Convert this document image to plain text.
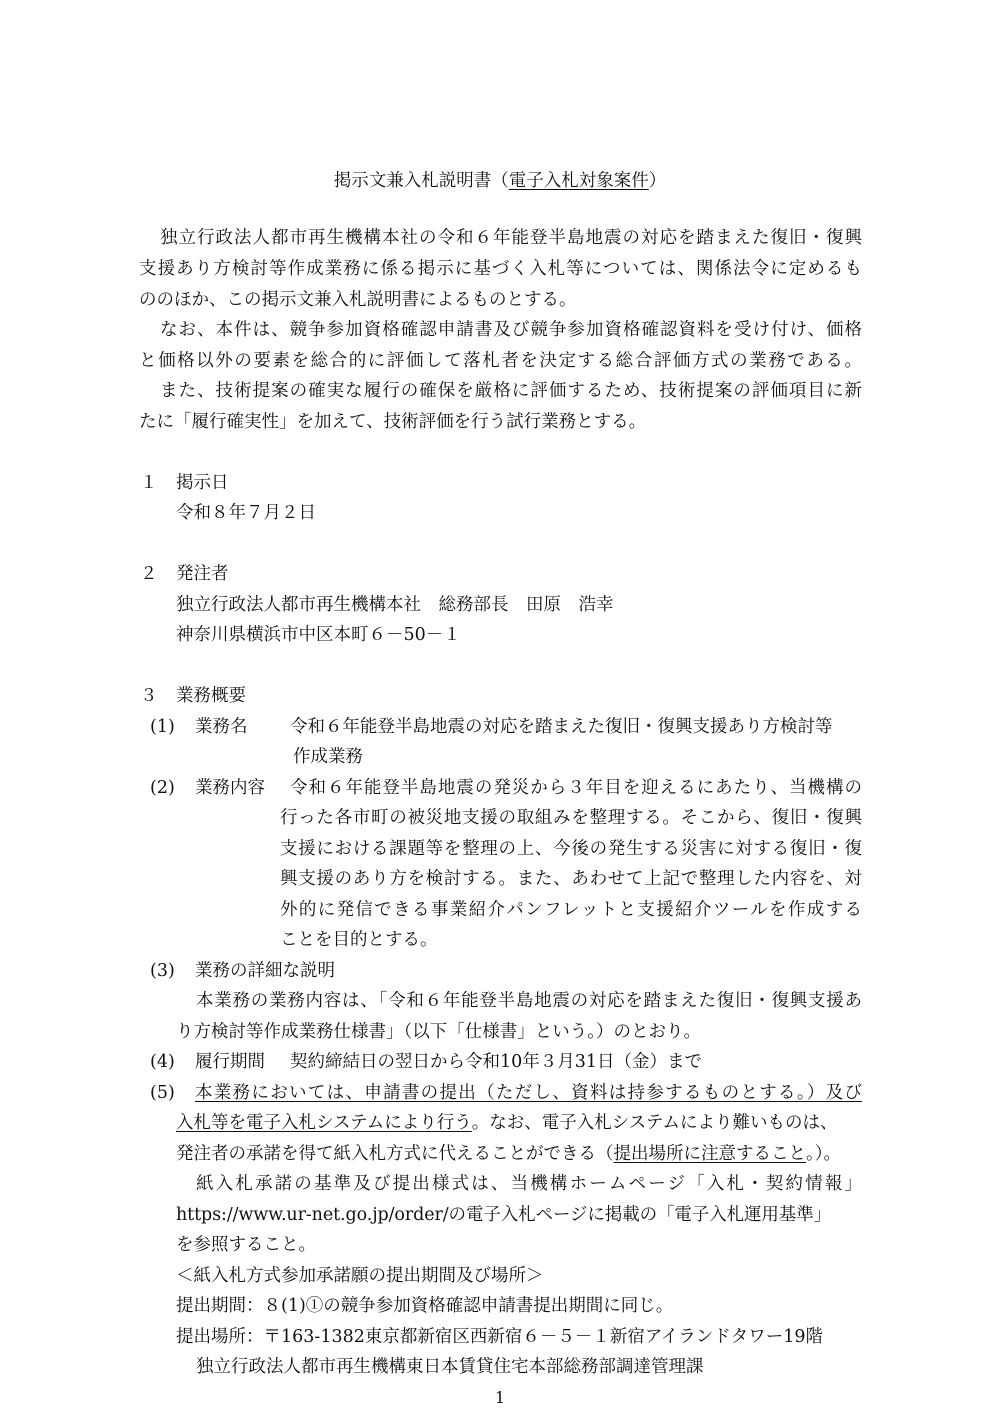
掲示文兼入札説明書（電子入札対象案件）
独立行政法人都市再生機構本社の令和６年能登半島地震の対応を踏まえた復旧・復興
支援あり方検討等作成業務に係る掲示に基づく入札等については、関係法令に定めるも
ののほか、この掲示文兼入札説明書によるものとする。
なお、本件は、競争参加資格確認申請書及び競争参加資格確認資料を受け付け、価格
と価格以外の要素を総合的に評価して落札者を決定する総合評価方式の業務である。
また、技術提案の確実な履行の確保を厳格に評価するため、技術提案の評価項目に新
たに「履行確実性」を加えて、技術評価を行う試行業務とする。
１ 掲示日
令和８年７月２日
２ 発注者
独立行政法人都市再生機構本社　総務部長　田原　浩幸
神奈川県横浜市中区本町６－50－１
３ 業務概要
(1) 業務名 令和６年能登半島地震の対応を踏まえた復旧・復興支援あり方検討等
作成業務
(2) 業務内容 令和６年能登半島地震の発災から３年目を迎えるにあたり、当機構の
行った各市町の被災地支援の取組みを整理する。そこから、復旧・復興
支援における課題等を整理の上、今後の発生する災害に対する復旧・復
興支援のあり方を検討する。また、あわせて上記で整理した内容を、対
外的に発信できる事業紹介パンフレットと支援紹介ツールを作成する
ことを目的とする。
(3) 業務の詳細な説明
本業務の業務内容は、「令和６年能登半島地震の対応を踏まえた復旧・復興支援あ
り方検討等作成業務仕様書」（以下「仕様書」という。）のとおり。
(4) 履行期間 契約締結日の翌日から令和10年３月31日（金）まで
(5) 本業務においては、申請書の提出（ただし、資料は持参するものとする。）及び
入札等を電子入札システムにより行う。なお、電子入札システムにより難いものは、
発注者の承諾を得て紙入札方式に代えることができる（提出場所に注意すること。）。
紙入札承諾の基準及び提出様式は、当機構ホームページ「入札・契約情報」
https://www.ur-net.go.jp/order/の電子入札ページに掲載の「電子入札運用基準」
を参照すること。
＜紙入札方式参加承諾願の提出期間及び場所＞
提出期間：８(1)①の競争参加資格確認申請書提出期間に同じ。
提出場所：〒163-1382東京都新宿区西新宿６－５－１新宿アイランドタワー19階
独立行政法人都市再生機構東日本賃貸住宅本部総務部調達管理課
1
